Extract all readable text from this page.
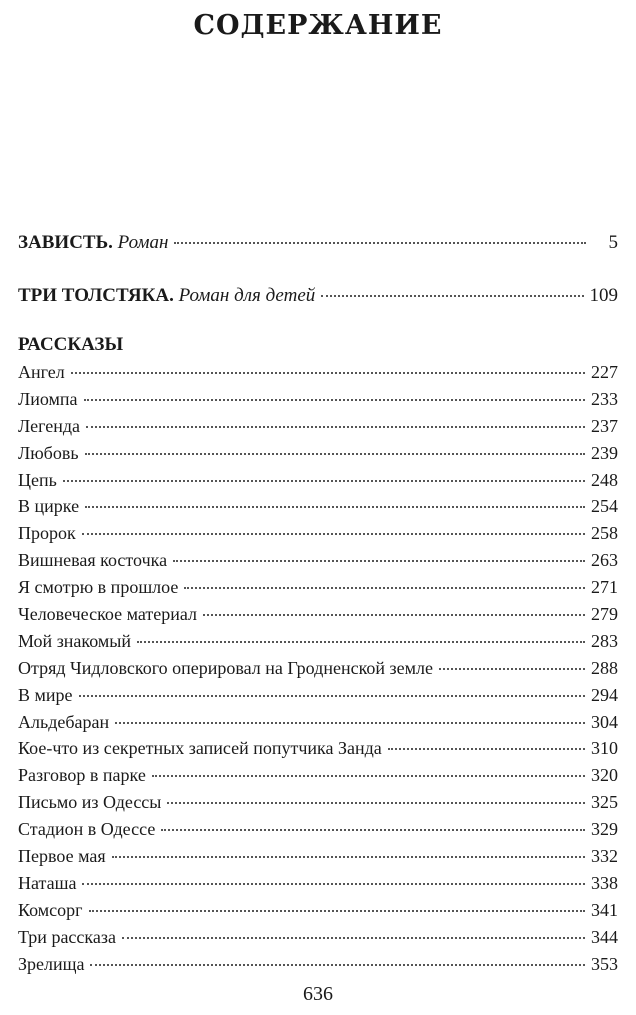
СОДЕРЖАНИЕ
ЗАВИСТЬ. Роман	5
ТРИ ТОЛСТЯКА. Роман для детей	109
РАССКАЗЫ
Ангел	227
Лиомпа	233
Легенда	237
Любовь	239
Цепь	248
В цирке	254
Пророк	258
Вишневая косточка	263
Я смотрю в прошлое	271
Человеческое материал	279
Мой знакомый	283
Отряд Чидловского оперировал на Гродненской земле	288
В мире	294
Альдебаран	304
Кое-что из секретных записей попутчика Занда	310
Разговор в парке	320
Письмо из Одессы	325
Стадион в Одессе	329
Первое мая	332
Наташа	338
Комсорг	341
Три рассказа	344
Зрелища	353
636
